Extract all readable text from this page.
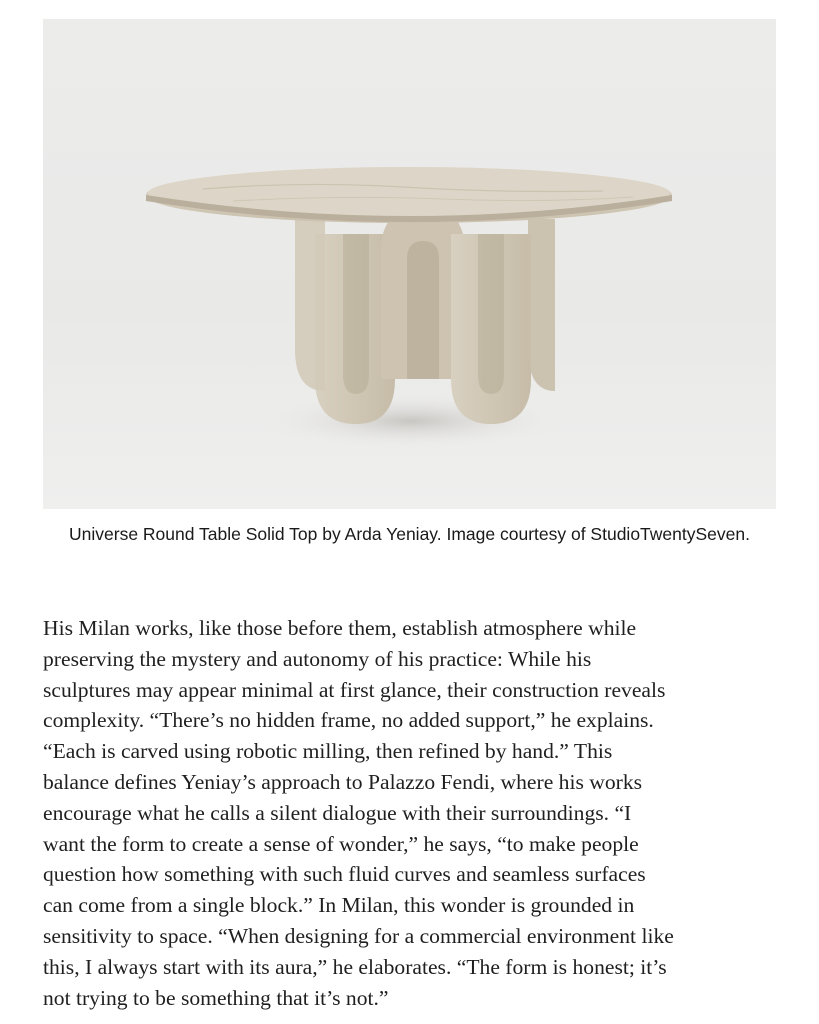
Universe Round Table Solid Top by Arda Yeniay. Image courtesy of StudioTwentySeven.

His Milan works, like those before them, establish atmosphere while
preserving the mystery and autonomy of his practice: While his
sculptures may appear minimal at first glance, their construction reveals
complexity. “There’s no hidden frame, no added support,” he explains.
“Each is carved using robotic milling, then refined by hand.” This
balance defines Yeniay’s approach to Palazzo Fendi, where his works
encourage what he calls a silent dialogue with their surroundings. “I
want the form to create a sense of wonder,” he says, “to make people
question how something with such fluid curves and seamless surfaces
can come from a single block.” In Milan, this wonder is grounded in
sensitivity to space. “When designing for a commercial environment like
this, I always start with its aura,” he elaborates. “The form is honest; it’s
not trying to be something that it’s not.”
